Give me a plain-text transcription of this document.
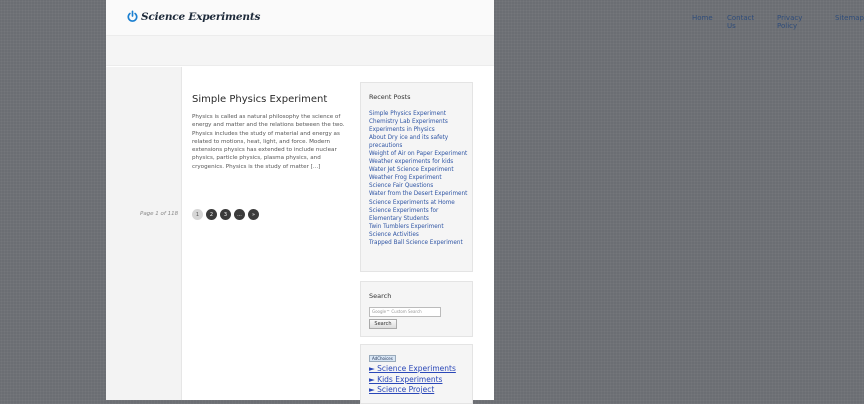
Science Experiments	Home Contact Us
Privacy Policy
Sitemap
Simple Physics Experiment

Physics is called as natural philosophy the science of energy and matter and the relations between the two. Physics includes the study of material and energy as related to motions, heat, light, and force. Modern extensions physics has extended to include nuclear physics, particle physics, plasma physics, and cryogenics. Physics is the study of matter [...]

1	2	3	...	»
Recent Posts
Simple Physics Experiment
Chemistry Lab Experiments
Experiments in Physics
About Dry ice and its safety precautions
Weight of Air on Paper Experiment
Weather experiments for kids
Water Jet Science Experiment
Weather Frog Experiment
Science Fair Questions
Water from the Desert Experiment
Science Experiments at Home
Science Experiments for Elementary Students
Twin Tumblers Experiment
Science Activities
Trapped Ball Science Experiment
Search
Google™ Custom Search
Search
AdChoices
► Science Experiments
► Kids Experiments
► Science Project
Page 1 of 118
